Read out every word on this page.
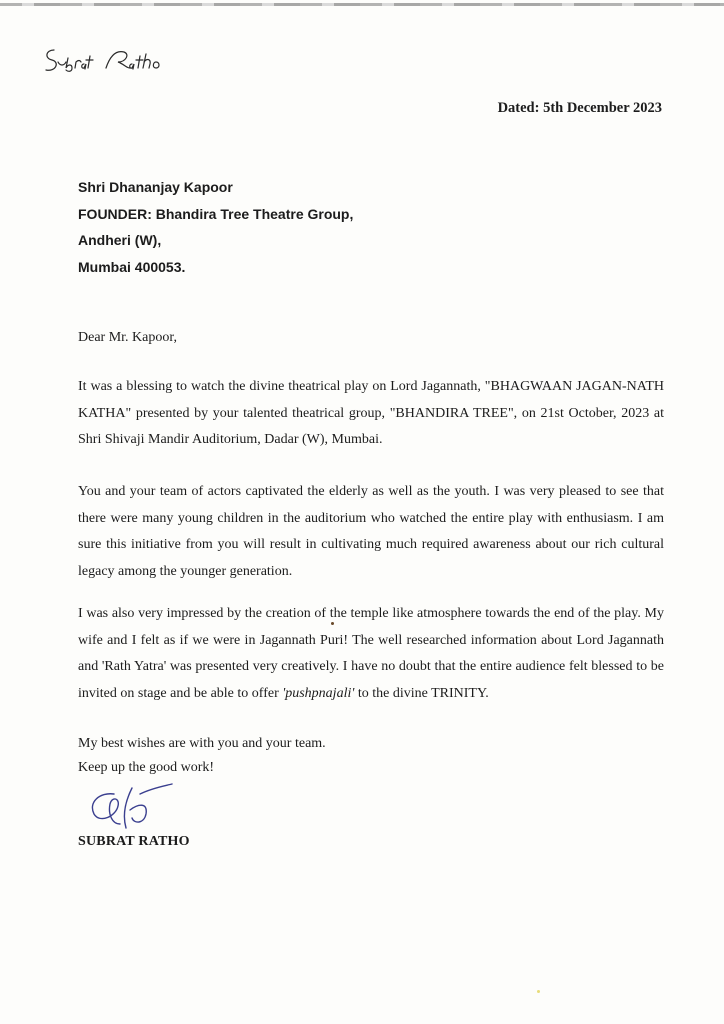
Dated: 5th December 2023

Shri Dhananjay Kapoor
FOUNDER: Bhandira Tree Theatre Group,
Andheri (W),
Mumbai 400053.

Dear Mr. Kapoor,

It was a blessing to watch the divine theatrical play on Lord Jagannath, "BHAGWAAN JAGAN-NATH KATHA" presented by your talented theatrical group, "BHANDIRA TREE", on 21st October, 2023 at Shri Shivaji Mandir Auditorium, Dadar (W), Mumbai.

You and your team of actors captivated the elderly as well as the youth. I was very pleased to see that there were many young children in the auditorium who watched the entire play with enthusiasm. I am sure this initiative from you will result in cultivating much required awareness about our rich cultural legacy among the younger generation.

I was also very impressed by the creation of the temple like atmosphere towards the end of the play. My wife and I felt as if we were in Jagannath Puri! The well researched information about Lord Jagannath and 'Rath Yatra' was presented very creatively. I have no doubt that the entire audience felt blessed to be invited on stage and be able to offer 'pushpnajali' to the divine TRINITY.

My best wishes are with you and your team.
Keep up the good work!

SUBRAT RATHO
